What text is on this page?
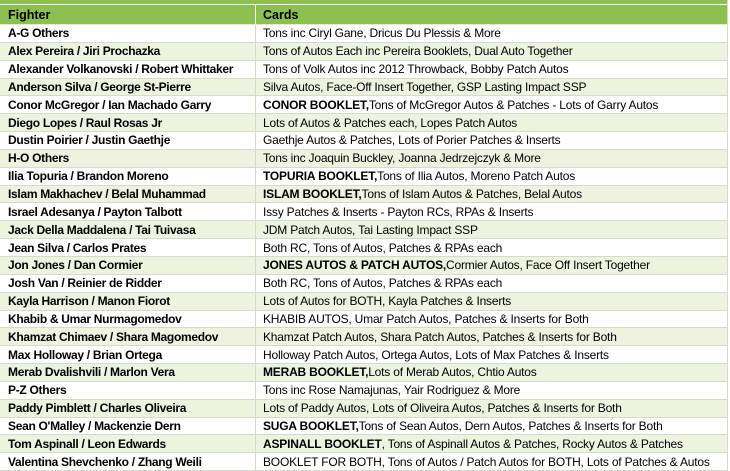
Fighter	Cards
A-G Others	Tons inc Ciryl Gane, Dricus Du Plessis & More
Alex Pereira / Jiri Prochazka	Tons of Autos Each inc Pereira Booklets, Dual Auto Together
Alexander Volkanovski / Robert Whittaker	Tons of Volk Autos inc 2012 Throwback, Bobby Patch Autos
Anderson Silva / George St-Pierre	Silva Autos, Face-Off Insert Together, GSP Lasting Impact SSP
Conor McGregor / Ian Machado Garry	CONOR BOOKLET, Tons of McGregor Autos & Patches - Lots of Garry Autos
Diego Lopes / Raul Rosas Jr	Lots of Autos & Patches each, Lopes Patch Autos
Dustin Poirier / Justin Gaethje	Gaethje Autos & Patches, Lots of Porier Patches & Inserts
H-O Others	Tons inc Joaquin Buckley, Joanna Jedrzejczyk & More
Ilia Topuria / Brandon Moreno	TOPURIA BOOKLET, Tons of Ilia Autos, Moreno Patch Autos
Islam Makhachev / Belal Muhammad	ISLAM BOOKLET, Tons of Islam Autos & Patches, Belal Autos
Israel Adesanya / Payton Talbott	Issy Patches & Inserts - Payton RCs, RPAs & Inserts
Jack Della Maddalena / Tai Tuivasa	JDM Patch Autos, Tai Lasting Impact SSP
Jean Silva / Carlos Prates	Both RC, Tons of Autos, Patches & RPAs each
Jon Jones / Dan Cormier	JONES AUTOS & PATCH AUTOS, Cormier Autos, Face Off Insert Together
Josh Van / Reinier de Ridder	Both RC, Tons of Autos, Patches & RPAs each
Kayla Harrison / Manon Fiorot	Lots of Autos for BOTH, Kayla Patches & Inserts
Khabib & Umar Nurmagomedov	KHABIB AUTOS, Umar Patch Autos, Patches & Inserts for Both
Khamzat Chimaev / Shara Magomedov	Khamzat Patch Autos, Shara Patch Autos, Patches & Inserts for Both
Max Holloway / Brian Ortega	Holloway Patch Autos, Ortega Autos, Lots of Max Patches & Inserts
Merab Dvalishvili / Marlon Vera	MERAB BOOKLET, Lots of Merab Autos, Chtio Autos
P-Z Others	Tons inc Rose Namajunas, Yair Rodriguez & More
Paddy Pimblett / Charles Oliveira	Lots of Paddy Autos, Lots of Oliveira Autos, Patches & Inserts for Both
Sean O'Malley / Mackenzie Dern	SUGA BOOKLET, Tons of Sean Autos, Dern Autos, Patches & Inserts for Both
Tom Aspinall / Leon Edwards	ASPINALL BOOKLET , Tons of Aspinall Autos & Patches, Rocky Autos & Patches
Valentina Shevchenko / Zhang Weili	BOOKLET FOR BOTH, Tons of Autos / Patch Autos for BOTH, Lots of Patches & Autos
